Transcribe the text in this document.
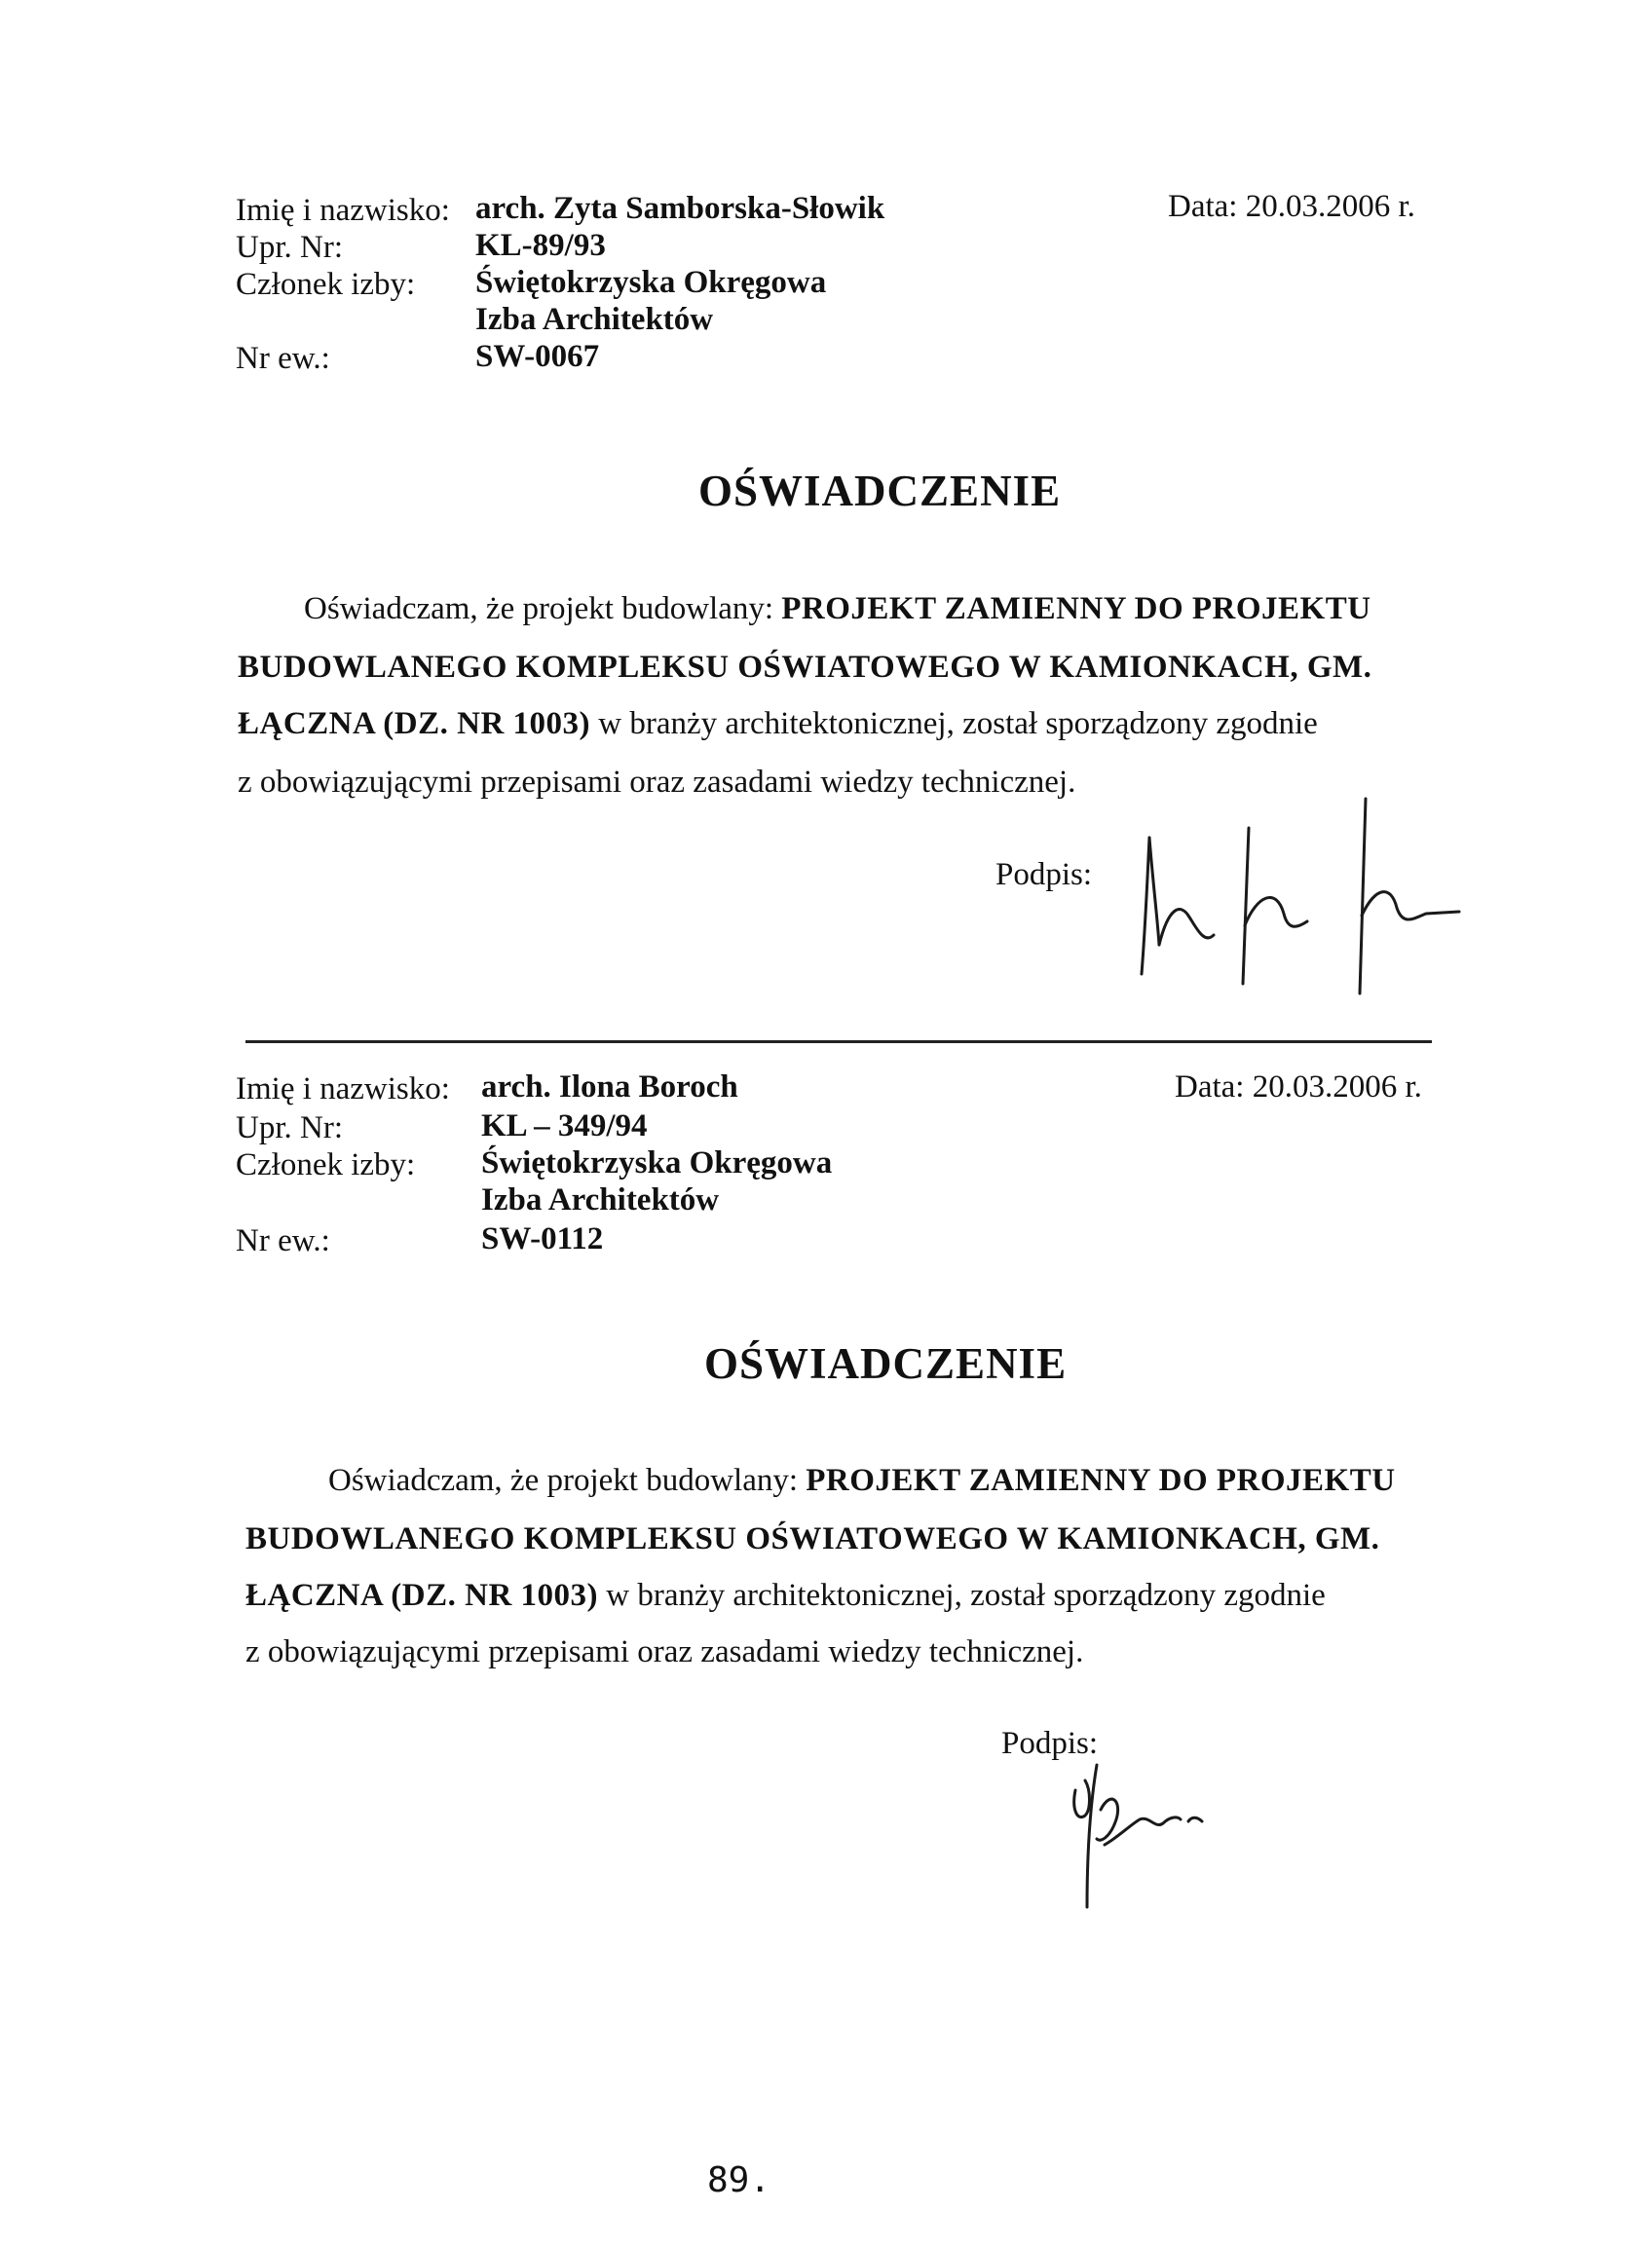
Imię i nazwisko: arch. Zyta Samborska-Słowik	Data: 20.03.2006 r.
Upr. Nr:	KL-89/93
Członek izby: Świętokrzyska Okręgowa
Izba Architektów
Nr ew.:	SW-0067
OŚWIADCZENIE
Oświadczam, że projekt budowlany: PROJEKT ZAMIENNY DO PROJEKTU
BUDOWLANEGO KOMPLEKSU OŚWIATOWEGO W KAMIONKACH, GM.
ŁĄCZNA (DZ. NR 1003) w branży architektonicznej, został sporządzony zgodnie
z obowiązującymi przepisami oraz zasadami wiedzy technicznej.
Podpis:
Imię i nazwisko: arch. Ilona Boroch	Data: 20.03.2006 r.
Upr. Nr:	KL – 349/94
Członek izby: Świętokrzyska Okręgowa
Izba Architektów
Nr ew.:	SW-0112
OŚWIADCZENIE
Oświadczam, że projekt budowlany: PROJEKT ZAMIENNY DO PROJEKTU
BUDOWLANEGO KOMPLEKSU OŚWIATOWEGO W KAMIONKACH, GM.
ŁĄCZNA (DZ. NR 1003) w branży architektonicznej, został sporządzony zgodnie
z obowiązującymi przepisami oraz zasadami wiedzy technicznej.
Podpis:
89.
